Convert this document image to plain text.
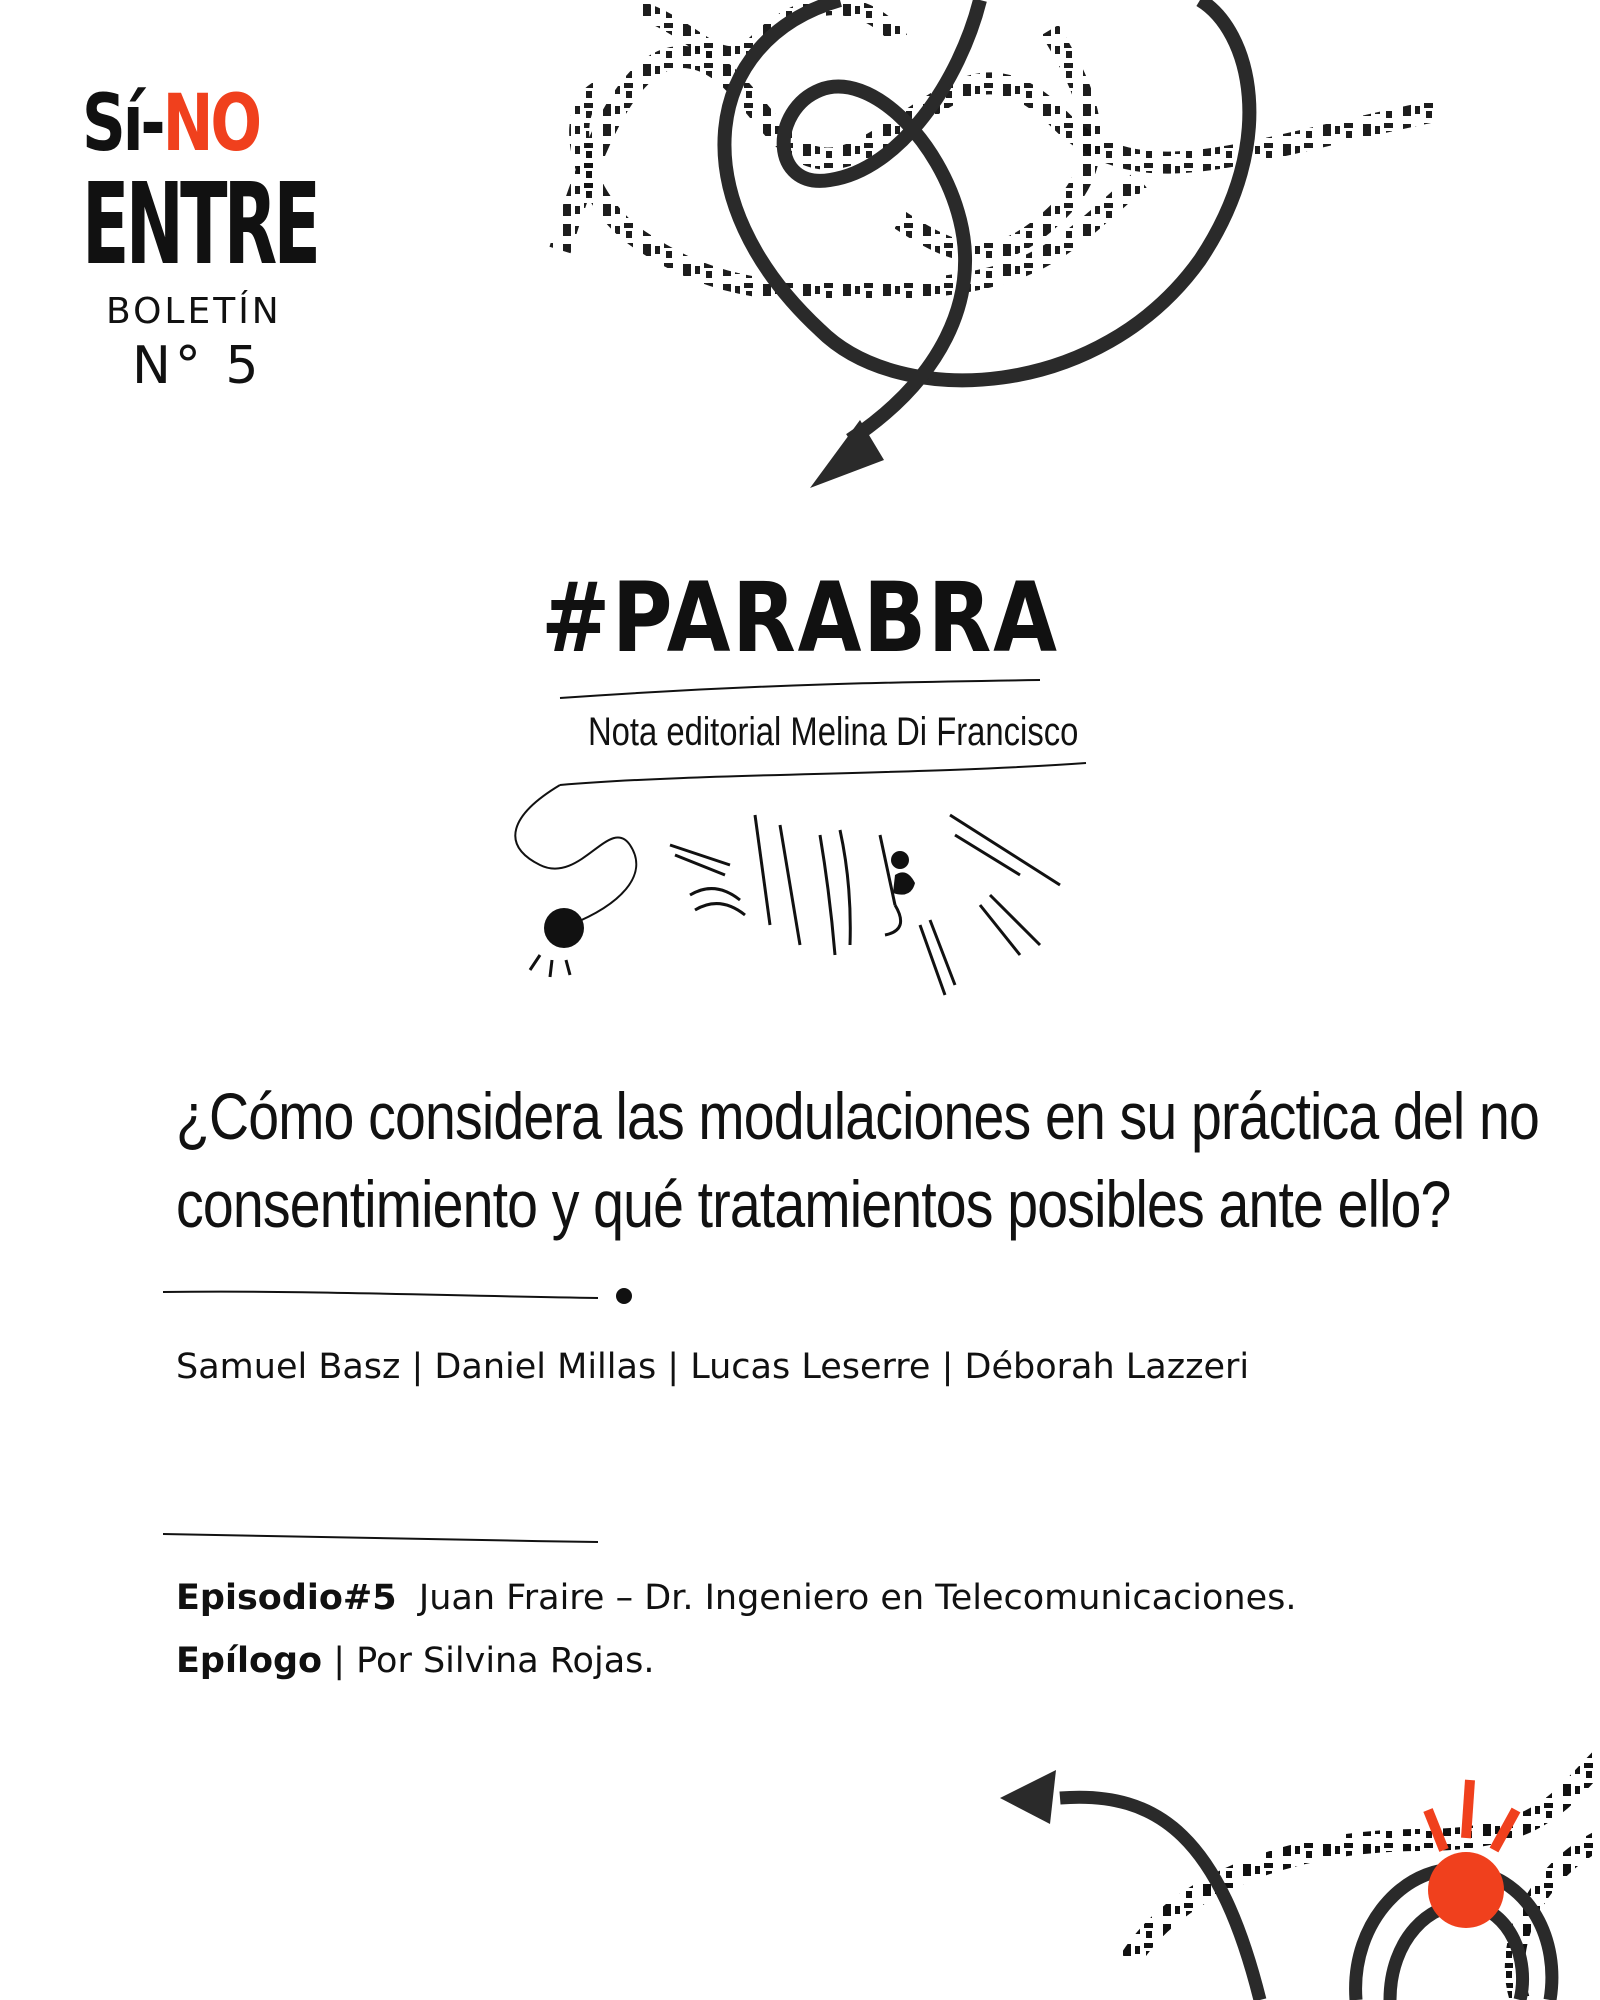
Sí-NO
ENTRE
BOLETÍN
N° 5
#PARABRA
Nota editorial Melina Di Francisco
¿Cómo considera las modulaciones en su práctica del no
consentimiento y qué tratamientos posibles ante ello?
Samuel Basz | Daniel Millas | Lucas Leserre | Déborah Lazzeri
Episodio#5 Juan Fraire – Dr. Ingeniero en Telecomunicaciones.
Epílogo | Por Silvina Rojas.
